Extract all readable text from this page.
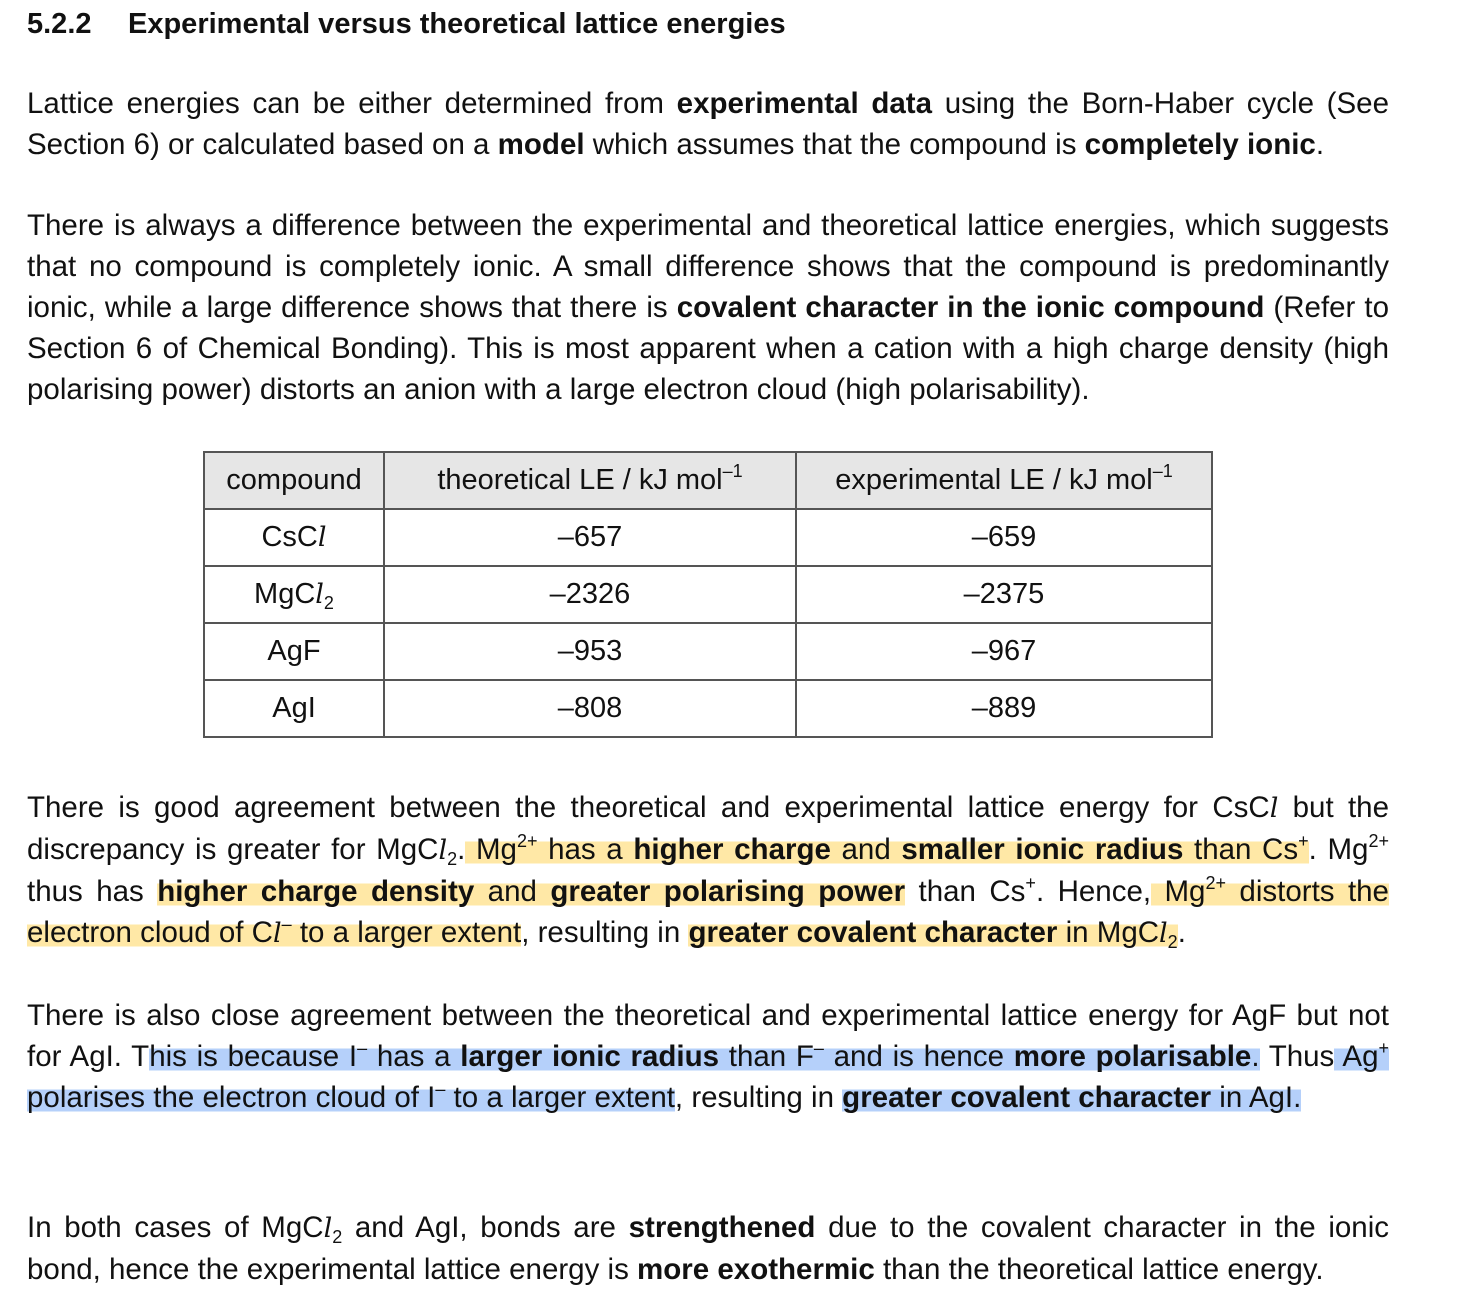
5.2.2 Experimental versus theoretical lattice energies

Lattice energies can be either determined from experimental data using the Born-Haber cycle (See Section 6) or calculated based on a model which assumes that the compound is completely ionic.

There is always a difference between the experimental and theoretical lattice energies, which suggests that no compound is completely ionic. A small difference shows that the compound is predominantly ionic, while a large difference shows that there is covalent character in the ionic compound (Refer to Section 6 of Chemical Bonding). This is most apparent when a cation with a high charge density (high polarising power) distorts an anion with a large electron cloud (high polarisability).

compound	theoretical LE / kJ mol$^{-1}$	experimental LE / kJ mol$^{-1}$
CsCl	–657	–659
MgCl$_2$	–2326	–2375
AgF	–953	–967
AgI	–808	–889

There is good agreement between the theoretical and experimental lattice energy for CsCl but the discrepancy is greater for MgCl$_2$. $Mg^{2+}$ has a higher charge and smaller ionic radius than Cs+. $Mg^{2+}$ thus has higher charge density and greater polarising power than Cs+. Hence, $Mg^{2+}$ distorts the electron cloud of Cl– to a larger extent, resulting in greater covalent character in MgCl$_2$.

There is also close agreement between the theoretical and experimental lattice energy for AgF but not for AgI. This is because I– has a larger ionic radius than F– and is hence more polarisable. Thus Ag+ polarises the electron cloud of I– to a larger extent, resulting in greater covalent character in AgI.

In both cases of MgCl$_2$ and AgI, bonds are strengthened due to the covalent character in the ionic bond, hence the experimental lattice energy is more exothermic than the theoretical lattice energy.
